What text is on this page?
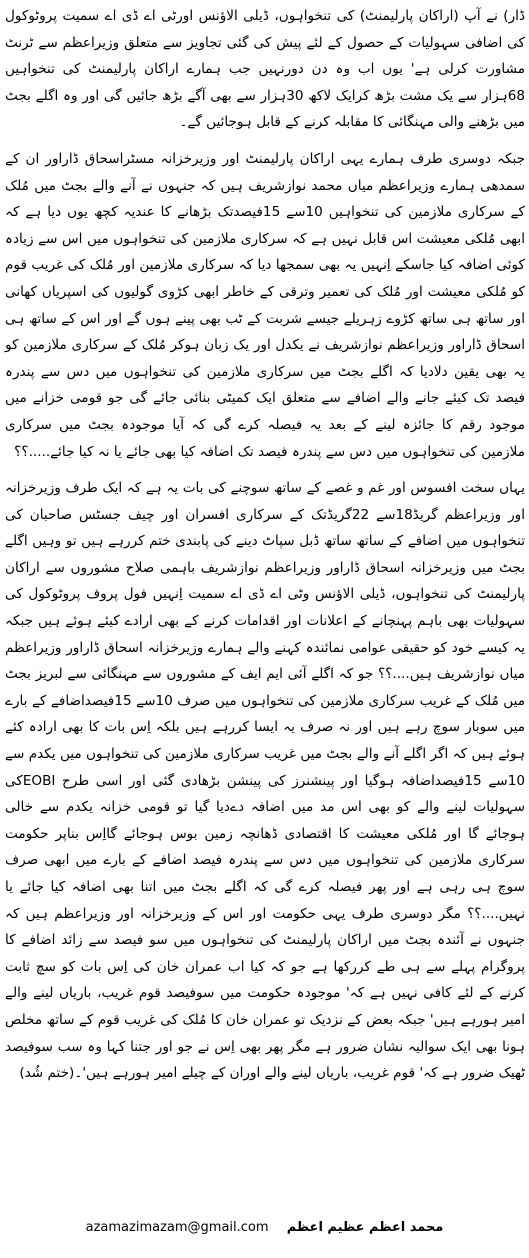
ڈار) نے آپ (اراکان پارلیمنٹ) کی تنخواہوں، ڈیلی الاؤنس اورٹی اے ڈی اے سمیت پروٹوکول کی اضافی سہولیات کے حصول کے لئے پیش کی گئی تجاویز سے متعلق وزیراعظم سے ٹرنٹ مشاورت کرلی ہے' یوں اب وہ دن دورنہیں جب ہمارے اراکان پارلیمنٹ کی تنخواہیں 68ہزار سے یک مشت بڑھ کرایک لاکھ 30ہزار سے بھی آگے بڑھ جائیں گی اور وہ اگلے بجٹ میں بڑھنے والی مہنگائی کا مقابلہ کرنے کے قابل ہوجائیں گے۔

جبکہ دوسری طرف ہمارے یہی اراکان پارلیمنٹ اور وزیرخزانہ مسٹراسحاق ڈاراور ان کے سمدھی ہمارے وزیراعظم میاں محمد نوازشریف ہیں کہ جنہوں نے آنے والے بجٹ میں مُلک کے سرکاری ملازمین کی تنخواہیں 10سے 15فیصدتک بڑھانے کا عندیہ کچھ یوں دیا ہے کہ ابھی مُلکی معیشت اس قابل نہیں ہے کہ سرکاری ملازمین کی تنخواہوں میں اس سے زیادہ کوئی اضافہ کیا جاسکے اِنہیں یہ بھی سمجھا دیا کہ سرکاری ملازمین اور مُلک کی غریب قوم کو مُلکی معیشت اور مُلک کی تعمیر وترقی کے خاطر ابھی کڑوی گولیوں کی اسپریاں کھانی اور ساتھ ہی ساتھ کڑوے زہریلے جیسے شربت کے ٹب بھی پینے ہوں گے اور اس کے ساتھ ہی اسحاق ڈاراور وزیراعظم نوازشریف نے یکدل اور یک زبان ہوکر مُلک کے سرکاری ملازمین کو یہ بھی یقین دلادیا کہ اگلے بجٹ میں سرکاری ملازمین کی تنخواہوں میں دس سے پندرہ فیصد تک کیئے جانے والے اضافے سے متعلق ایک کمیٹی بنائی جائے گی جو قومی خزانے میں موجود رقم کا جائزہ لینے کے بعد یہ فیصلہ کرے گی کہ آیا موجودہ بجٹ میں سرکاری ملازمین کی تنخواہوں میں دس سے پندرہ فیصد تک اضافہ کیا بھی جائے یا نہ کیا جائے.....؟؟

یہاں سخت افسوس اور غم و غصے کے ساتھ سوچنے کی بات یہ ہے کہ ایک طرف وزیرخزانہ اور وزیراعظم گریڈ18سے 22گریڈتک کے سرکاری افسران اور چیف جسٹس صاحبان کی تنخواہوں میں اضافے کے ساتھ ساتھ ڈبل سپاٹ دینے کی پابندی ختم کررہے ہیں تو وہیں اگلے بجٹ میں وزیرخزانہ اسحاق ڈاراور وزیراعظم نوازشریف باہمی صلاح مشوروں سے اراکان پارلیمنٹ کی تنخواہوں، ڈیلی الاؤنس وٹی اے ڈی اے سمیت اِنہیں فول پروف پروٹوکول کی سہولیات بھی باہم پہنچانے کے اعلانات اور اقدامات کرنے کے بھی ارادے کیئے ہوئے ہیں جبکہ یہ کیسے خود کو حقیقی عوامی نمائندہ کہنے والے ہمارے وزیرخزانہ اسحاق ڈاراور وزیراعظم میاں نوازشریف ہیں....؟؟ جو کہ اگلے آئی ایم ایف کے مشوروں سے مہنگائی سے لبریز بجٹ میں مُلک کے غریب سرکاری ملازمین کی تنخواہوں میں صرف 10سے 15فیصداضافے کے بارے میں سوبار سوچ رہے ہیں اور نہ صرف یہ ایسا کررہے ہیں بلکہ اِس بات کا بھی ارادہ کئے ہوئے ہیں کہ اگر اگلے آنے والے بجٹ میں غریب سرکاری ملازمین کی تنخواہوں میں یکدم سے 10سے 15فیصداضافہ ہوگیا اور پینشنرز کی پینشن بڑھادی گئی اور اسی طرح EOBIکی سہولیات لینے والے کو بھی اس مد میں اضافہ دےدیا گیا تو قومی خزانہ یکدم سے خالی ہوجائے گا اور مُلکی معیشت کا اقتصادی ڈھانچہ زمین بوس ہوجائے گااِس بناپر حکومت سرکاری ملازمین کی تنخواہوں میں دس سے پندرہ فیصد اضافے کے بارے میں ابھی صرف سوچ ہی رہی ہے اور پھر فیصلہ کرے گی کہ اگلے بجٹ میں اتنا بھی اضافہ کیا جائے یا نہیں....؟؟ مگر دوسری طرف یہی حکومت اور اس کے وزیرخزانہ اور وزیراعظم ہیں کہ جنہوں نے آئندہ بجٹ میں اراکان پارلیمنٹ کی تنخواہوں میں سو فیصد سے زائد اضافے کا پروگرام پہلے سے ہی طے کررکھا ہے جو کہ کیا اب عمران خان کی اِس بات کو سچ ثابت کرنے کے لئے کافی نہیں ہے کہ' موجودہ حکومت میں سوفیصد قوم غریب، باریاں لینے والے امیر ہورہے ہیں' جبکہ بعض کے نزدیک تو عمران خان کا مُلک کی غریب قوم کے ساتھ مخلص ہونا بھی ایک سوالیہ نشان ضرور ہے مگر پھر بھی اِس نے جو اور جتنا کہا وہ سب سوفیصد ٹھیک ضرور ہے کہ' قوم غریب، باریاں لینے والے اوران کے چیلے امیر ہورہے ہیں'۔(ختم شُد)

azamazimazam@gmail.com محمد اعظم عظیم اعظم
